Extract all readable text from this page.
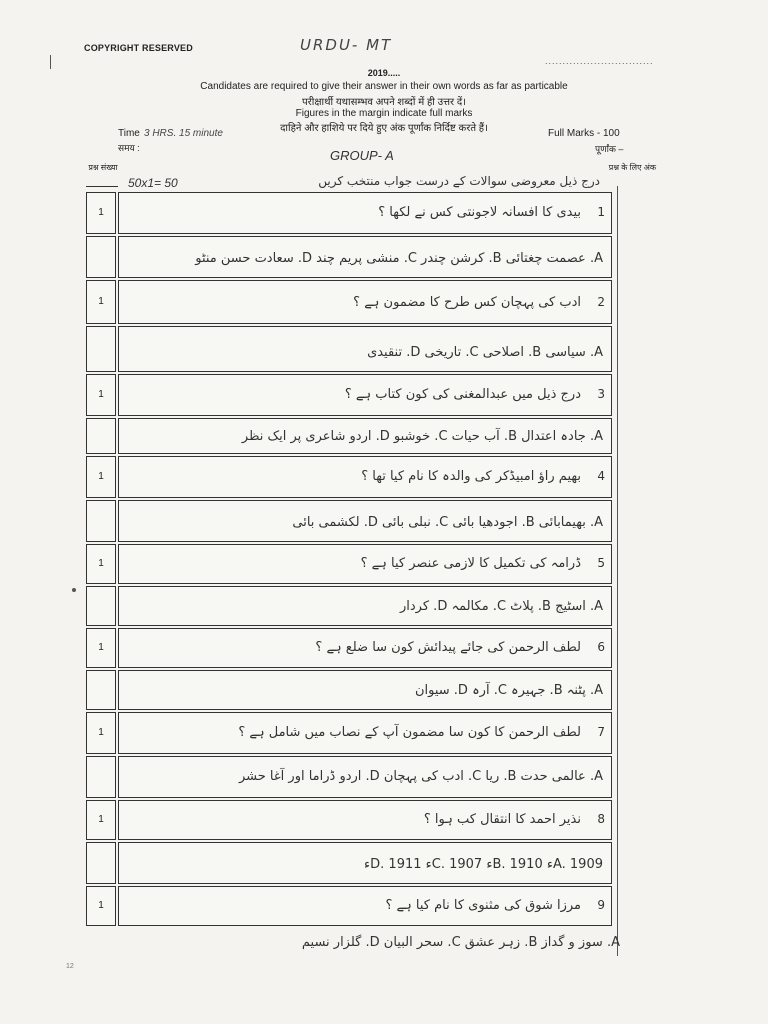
COPYRIGHT RESERVED	URDU- MT
...............................
2019.....
Candidates are required to give their answer in their own words as far as particable
परीक्षार्थी यथासम्भव अपने शब्दों में ही उत्तर दें।
Figures in the margin indicate full marks
दाहिने और हाशिये पर दिये हुए अंक पूर्णांक निर्दिष्ट करते हैं।
Time 3 HRS. 15 minute
समय :
Full Marks - 100
पूर्णांक –
GROUP- A
प्रश्न संख्या
50x1= 50	درج ذیل معروضی سوالات کے درست جواب منتخب کریں
प्रश्न के लिए अंक
1	بیدی کا افسانہ لاجونتی کس نے لکھا ؟ 1
A. عصمت چغتائی B. کرشن چندر C. منشی پریم چند D. سعادت حسن منٹو
1	ادب کی پہچان کس طرح کا مضمون ہے ؟ 2
A. سیاسی B. اصلاحی C. تاریخی D. تنقیدی
1	درج ذیل میں عبدالمغنی کی کون کتاب ہے ؟ 3
A. جادہ اعتدال B. آب حیات C. خوشبو D. اردو شاعری پر ایک نظر
1	بھیم راؤ امبیڈکر کی والدہ کا نام کیا تھا ؟ 4
A. بھیمابائی B. اجودھیا بائی C. نبلی بائی D. لکشمی بائی
1	ڈرامہ کی تکمیل کا لازمی عنصر کیا ہے ؟ 5
A. اسٹیج B. پلاٹ C. مکالمہ D. کردار
1	لطف الرحمن کی جائے پیدائش کون سا ضلع ہے ؟ 6
A. پٹنہ B. جہیرہ C. آرہ D. سیوان
1	لطف الرحمن کا کون سا مضمون آپ کے نصاب میں شامل ہے ؟ 7
A. عالمی حدت B. ریا C. ادب کی پہچان D. اردو ڈراما اور آغا حشر
1	نذیر احمد کا انتقال کب ہوا ؟ 8
A. 1909ء B. 1910ء C. 1907ء D. 1911ء
1	مرزا شوق کی مثنوی کا نام کیا ہے ؟ 9
A. سوز و گداز B. زہر عشق C. سحر البیان D. گلزار نسیم
12
